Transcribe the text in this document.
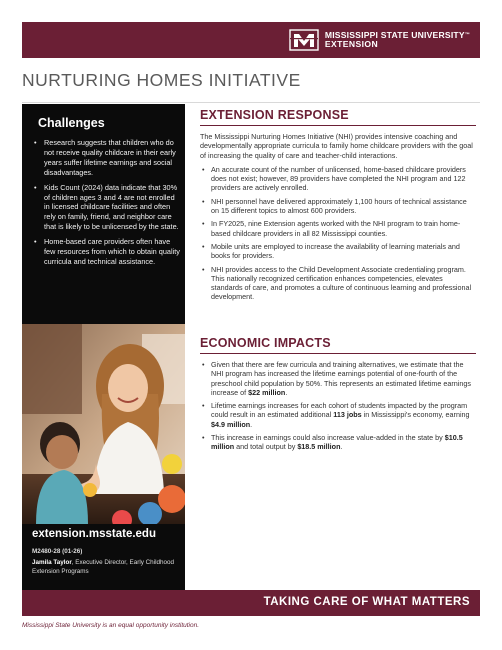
MISSISSIPPI STATE UNIVERSITY™
EXTENSION
NURTURING HOMES INITIATIVE
Challenges
• Research suggests that children who do not receive quality childcare in their early years suffer lifetime earnings and social disadvantages.
• Kids Count (2024) data indicate that 30% of children ages 3 and 4 are not enrolled in licensed childcare facilities and often rely on family, friend, and neighbor care that is likely to be unlicensed by the state.
• Home-based care providers often have few resources from which to obtain quality curricula and technical assistance.
extension.msstate.edu
M2480-28 (01-26)
Jamila Taylor, Executive Director, Early Childhood Extension Programs
EXTENSION RESPONSE

The Mississippi Nurturing Homes Initiative (NHI) provides intensive coaching and developmentally appropriate curricula to family home childcare providers with the goal of increasing the quality of care and teacher-child interactions.

• An accurate count of the number of unlicensed, home-based childcare providers does not exist; however, 89 providers have completed the NHI program and 122 providers are actively enrolled.
• NHI personnel have delivered approximately 1,100 hours of technical assistance on 15 different topics to almost 600 providers.
• In FY2025, nine Extension agents worked with the NHI program to train home-based childcare providers in all 82 Mississippi counties.
• Mobile units are employed to increase the availability of learning materials and books for providers.
• NHI provides access to the Child Development Associate credentialing program. This nationally recognized certification enhances competencies, elevates standards of care, and promotes a culture of continuous learning and professional development.
ECONOMIC IMPACTS
• Given that there are few curricula and training alternatives, we estimate that the NHI program has increased the lifetime earnings potential of one-fourth of the preschool child population by 50%. This represents an estimated lifetime earnings increase of $22 million.
• Lifetime earnings increases for each cohort of students impacted by the program could result in an estimated additional 113 jobs in Mississippi's economy, earning $4.9 million.
• This increase in earnings could also increase value-added in the state by $10.5 million and total output by $18.5 million.
TAKING CARE OF WHAT MATTERS
Mississippi State University is an equal opportunity institution.
